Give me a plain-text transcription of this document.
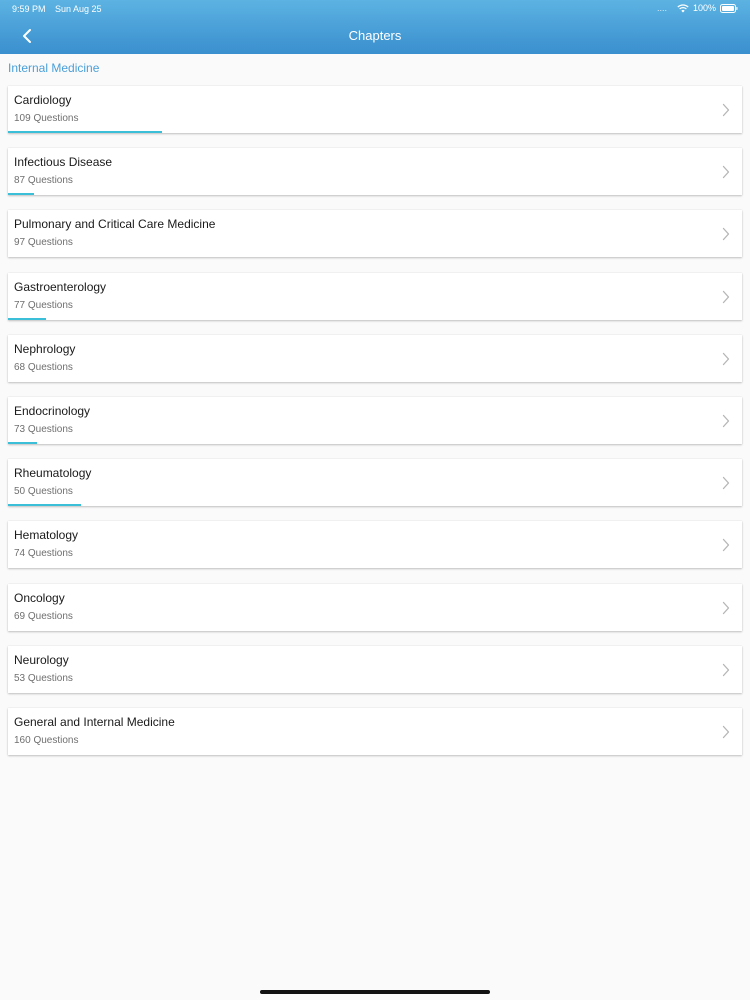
9:59 PM Sun Aug 25	....	100%
Chapters
Internal Medicine
Cardiology
109 Questions
Infectious Disease
87 Questions
Pulmonary and Critical Care Medicine
97 Questions
Gastroenterology
77 Questions
Nephrology
68 Questions
Endocrinology
73 Questions
Rheumatology
50 Questions
Hematology
74 Questions
Oncology
69 Questions
Neurology
53 Questions
General and Internal Medicine
160 Questions
